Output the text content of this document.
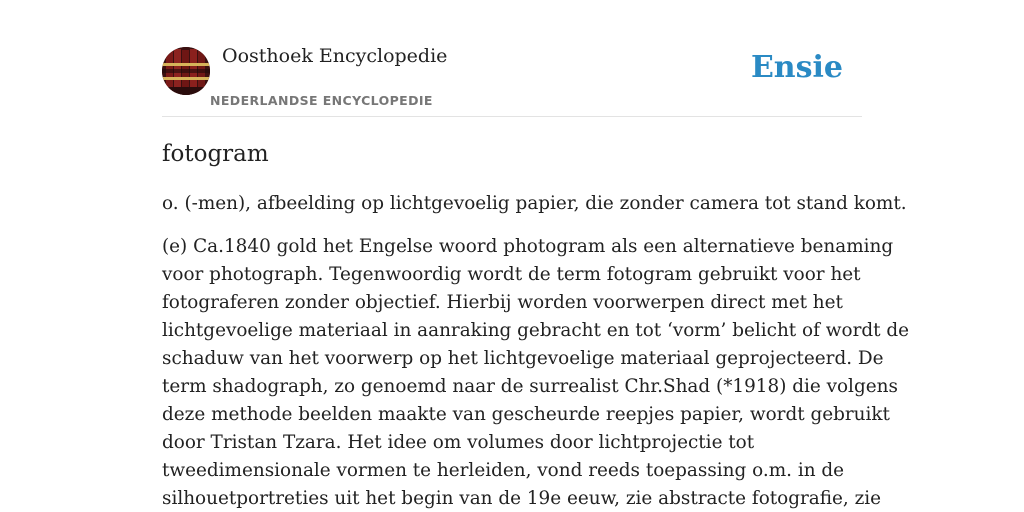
Oosthoek Encyclopedie
NEDERLANDSE ENCYCLOPEDIE
Ensie
fotogram

o. (-men), afbeelding op lichtgevoelig papier, die zonder camera tot stand komt.

(e) Ca.1840 gold het Engelse woord photogram als een alternatieve benaming
voor photograph. Tegenwoordig wordt de term fotogram gebruikt voor het
fotograferen zonder objectief. Hierbij worden voorwerpen direct met het
lichtgevoelige materiaal in aanraking gebracht en tot ‘vorm’ belicht of wordt de
schaduw van het voorwerp op het lichtgevoelige materiaal geprojecteerd. De
term shadograph, zo genoemd naar de surrealist Chr.Shad (*1918) die volgens
deze methode beelden maakte van gescheurde reepjes papier, wordt gebruikt
door Tristan Tzara. Het idee om volumes door lichtprojectie tot
tweedimensionale vormen te herleiden, vond reeds toepassing o.m. in de
silhouetportreties uit het begin van de 19e eeuw, zie abstracte fotografie, zie
